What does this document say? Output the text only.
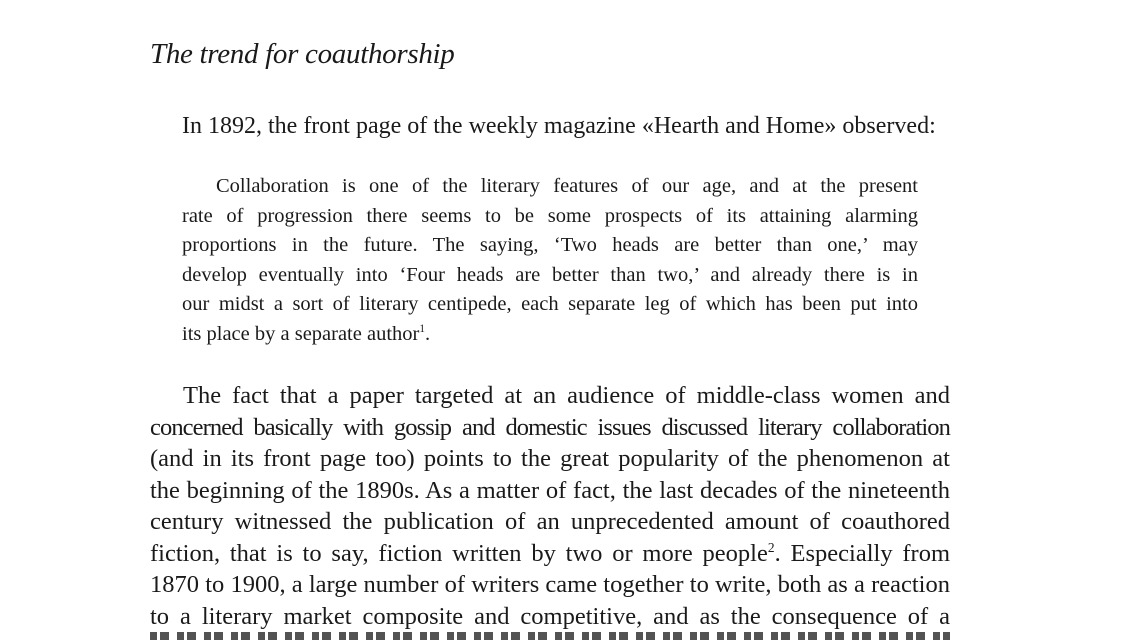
The trend for coauthorship

In 1892, the front page of the weekly magazine «Hearth and Home» observed:

Collaboration is one of the literary features of our age, and at the present
rate of progression there seems to be some prospects of its attaining alarming
proportions in the future. The saying, ‘Two heads are better than one,’ may
develop eventually into ‘Four heads are better than two,’ and already there is in
our midst a sort of literary centipede, each separate leg of which has been put into
its place by a separate author$^1$.
The fact that a paper targeted at an audience of middle-class women and
concerned basically with gossip and domestic issues discussed literary collaboration
(and in its front page too) points to the great popularity of the phenomenon at
the beginning of the 1890s. As a matter of fact, the last decades of the nineteenth
century witnessed the publication of an unprecedented amount of coauthored
fiction, that is to say, fiction written by two or more people$^2$. Especially from
1870 to 1900, a large number of writers came together to write, both as a reaction
to a literary market composite and competitive, and as the consequence of a
